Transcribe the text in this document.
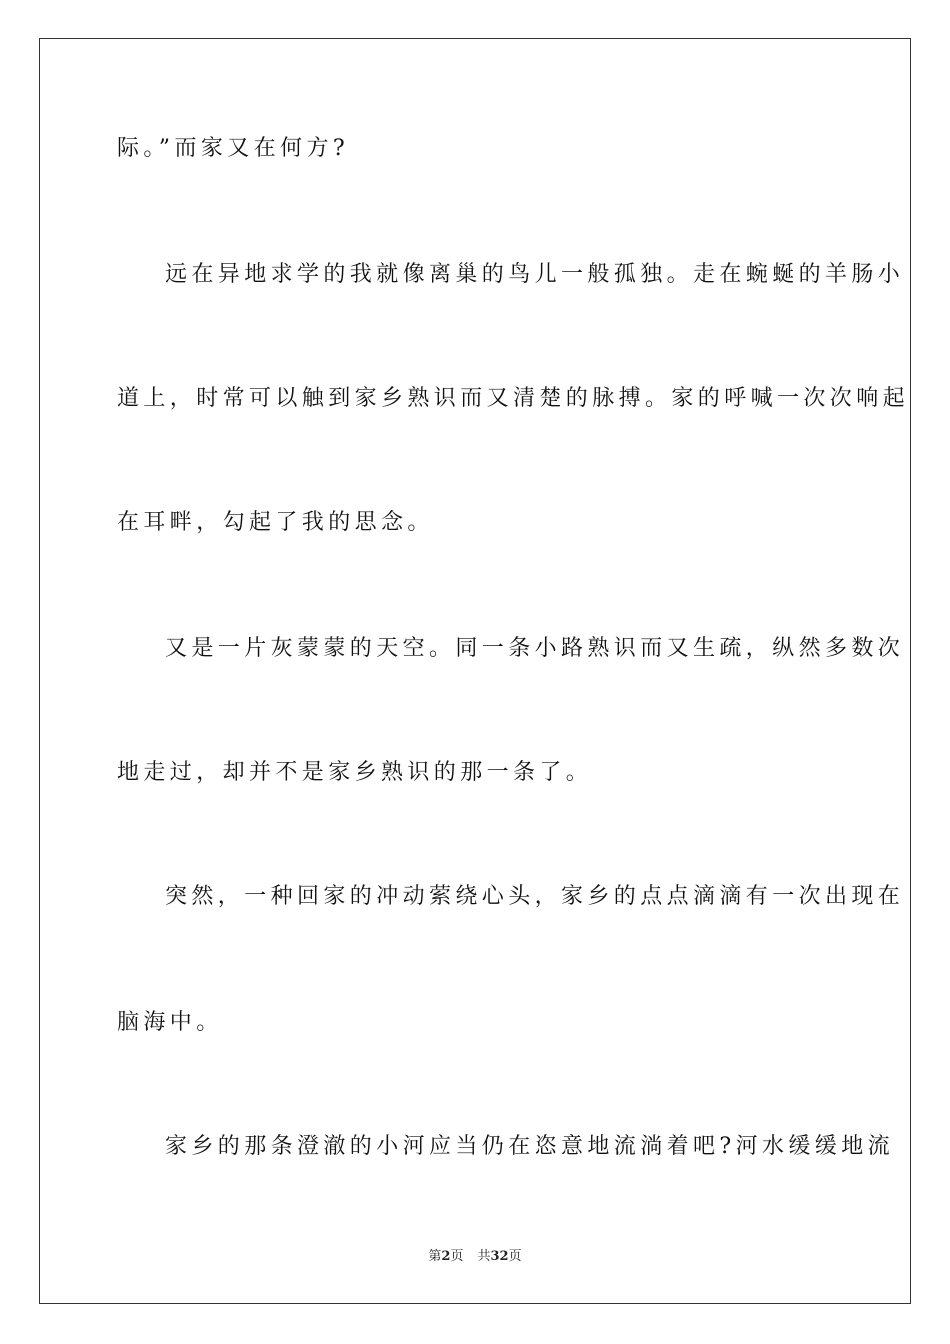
际。”而家又在何方?
远在异地求学的我就像离巢的鸟儿一般孤独。走在蜿蜒的羊肠小
道上，时常可以触到家乡熟识而又清楚的脉搏。家的呼喊一次次响起
在耳畔，勾起了我的思念。
又是一片灰蒙蒙的天空。同一条小路熟识而又生疏，纵然多数次
地走过，却并不是家乡熟识的那一条了。
突然，一种回家的冲动萦绕心头，家乡的点点滴滴有一次出现在
脑海中。
家乡的那条澄澈的小河应当仍在恣意地流淌着吧?河水缓缓地流
第2页 共32页
